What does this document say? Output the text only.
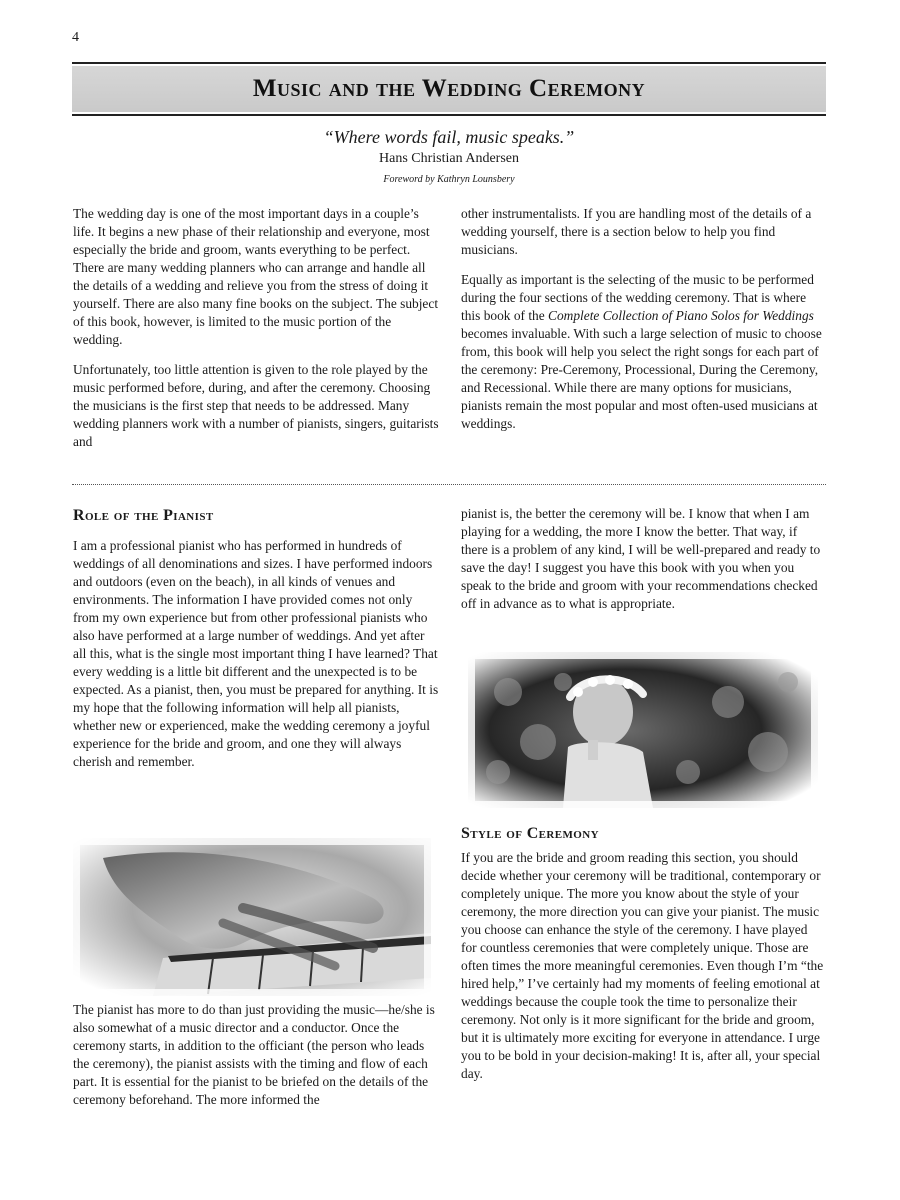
4
Music and the Wedding Ceremony
“Where words fail, music speaks.”
Hans Christian Andersen
Foreword by Kathryn Lounsbery

The wedding day is one of the most important days in a couple’s life. It begins a new phase of their relationship and everyone, most especially the bride and groom, wants everything to be perfect. There are many wedding planners who can arrange and handle all the details of a wedding and relieve you from the stress of doing it yourself. There are also many fine books on the subject. The subject of this book, however, is limited to the music portion of the wedding.

Unfortunately, too little attention is given to the role played by the music performed before, during, and after the ceremony. Choosing the musicians is the first step that needs to be addressed. Many wedding planners work with a number of pianists, singers, guitarists and

other instrumentalists. If you are handling most of the details of a wedding yourself, there is a section below to help you find musicians.

Equally as important is the selecting of the music to be performed during the four sections of the wedding ceremony. That is where this book of the Complete Collection of Piano Solos for Weddings becomes invaluable. With such a large selection of music to choose from, this book will help you select the right songs for each part of the ceremony: Pre-Ceremony, Processional, During the Ceremony, and Recessional. While there are many options for musicians, pianists remain the most popular and most often-used musicians at weddings.

Role of the Pianist

I am a professional pianist who has performed in hundreds of weddings of all denominations and sizes. I have performed indoors and outdoors (even on the beach), in all kinds of venues and environments. The information I have provided comes not only from my own experience but from other professional pianists who also have performed at a large number of weddings. And yet after all this, what is the single most important thing I have learned? That every wedding is a little bit different and the unexpected is to be expected. As a pianist, then, you must be prepared for anything. It is my hope that the following information will help all pianists, whether new or experienced, make the wedding ceremony a joyful experience for the bride and groom, and one they will always cherish and remember.

The pianist has more to do than just providing the music—he/she is also somewhat of a music director and a conductor. Once the ceremony starts, in addition to the officiant (the person who leads the ceremony), the pianist assists with the timing and flow of each part. It is essential for the pianist to be briefed on the details of the ceremony beforehand. The more informed the

pianist is, the better the ceremony will be. I know that when I am playing for a wedding, the more I know the better. That way, if there is a problem of any kind, I will be well-prepared and ready to save the day! I suggest you have this book with you when you speak to the bride and groom with your recommendations checked off in advance as to what is appropriate.

Style of Ceremony

If you are the bride and groom reading this section, you should decide whether your ceremony will be traditional, contemporary or completely unique. The more you know about the style of your ceremony, the more direction you can give your pianist. The music you choose can enhance the style of the ceremony. I have played for countless ceremonies that were completely unique. Those are often times the more meaningful ceremonies. Even though I’m “the hired help,” I’ve certainly had my moments of feeling emotional at weddings because the couple took the time to personalize their ceremony. Not only is it more significant for the bride and groom, but it is ultimately more exciting for everyone in attendance. I urge you to be bold in your decision-making! It is, after all, your special day.
